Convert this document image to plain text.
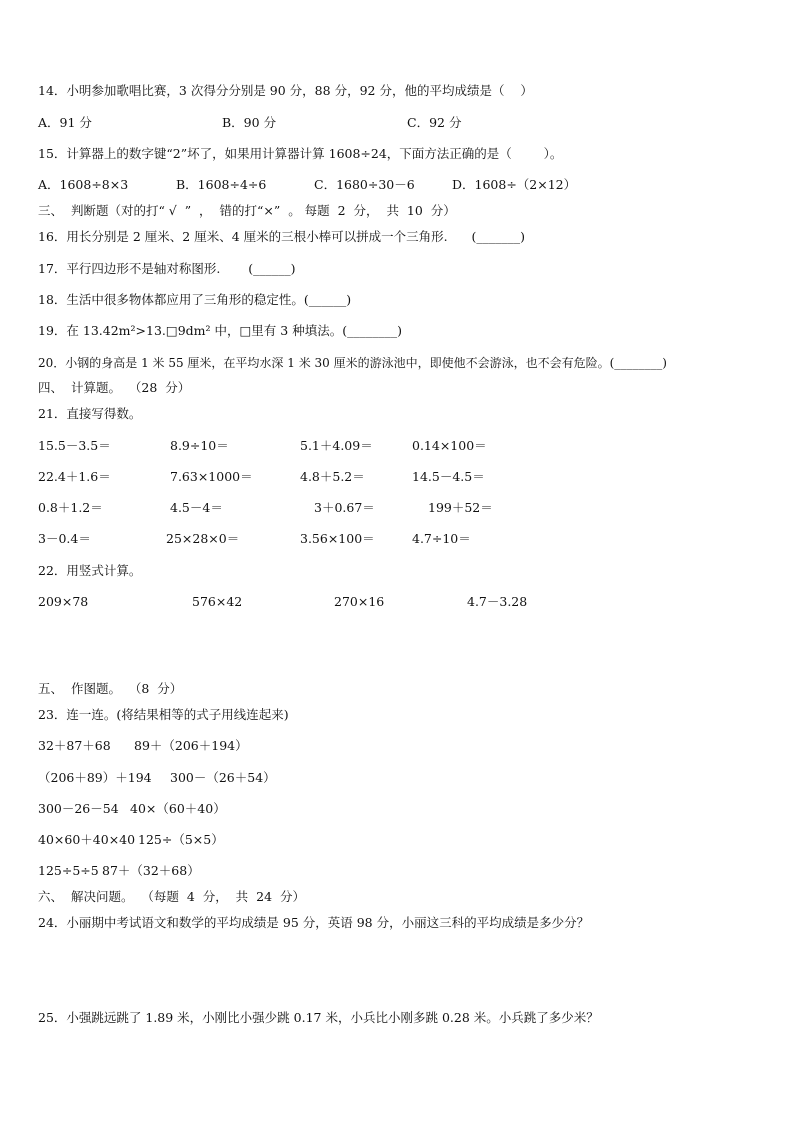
14．小明参加歌唱比赛，3 次得分分别是 90 分，88 分，92 分，他的平均成绩是（    ）
A．91 分	B．90 分	C．92 分
15．计算器上的数字键“2”坏了，如果用计算器计算 1608÷24，下面方法正确的是（        ）。
A．1608÷8×3	B．1608÷4÷6	C．1680÷30－6	D．1608÷（2×12）
三、  判断题（对的打“ √  ”  ，  错的打“×”  。 每题  2  分，  共  10  分）
16．用长分别是 2 厘米、2 厘米、4 厘米的三根小棒可以拼成一个三角形.      (_______)
17．平行四边形不是轴对称图形.       (______)
18．生活中很多物体都应用了三角形的稳定性。(______)
19．在 13.42m²>13.□9dm² 中，□里有 3 种填法。(________)
20．小钢的身高是 1 米 55 厘米，在平均水深 1 米 30 厘米的游泳池中，即使他不会游泳，也不会有危险。(________)
四、  计算题。  （28  分）
21．直接写得数。
15.5－3.5＝	8.9÷10＝	5.1＋4.09＝	0.14×100＝
22.4＋1.6＝	7.63×1000＝	4.8＋5.2＝	14.5－4.5＝
0.8＋1.2＝	4.5－4＝	3＋0.67＝	199＋52＝
3－0.4＝	25×28×0＝	3.56×100＝	4.7÷10＝
22．用竖式计算。
209×78	576×42	270×16	4.7－3.28
五、  作图题。  （8  分）
23．连一连。(将结果相等的式子用线连起来)
32＋87＋68 89＋（206＋194）
（206＋89）＋194 300－（26＋54）
300－26－54 40×（60＋40）
40×60＋40×40 125÷（5×5）
125÷5÷5 87＋（32＋68）
六、  解决问题。  （每题  4  分，  共  24  分）
24．小丽期中考试语文和数学的平均成绩是 95 分，英语 98 分，小丽这三科的平均成绩是多少分？
25．小强跳远跳了 1.89 米，小刚比小强少跳 0.17 米，小兵比小刚多跳 0.28 米。小兵跳了多少米？
